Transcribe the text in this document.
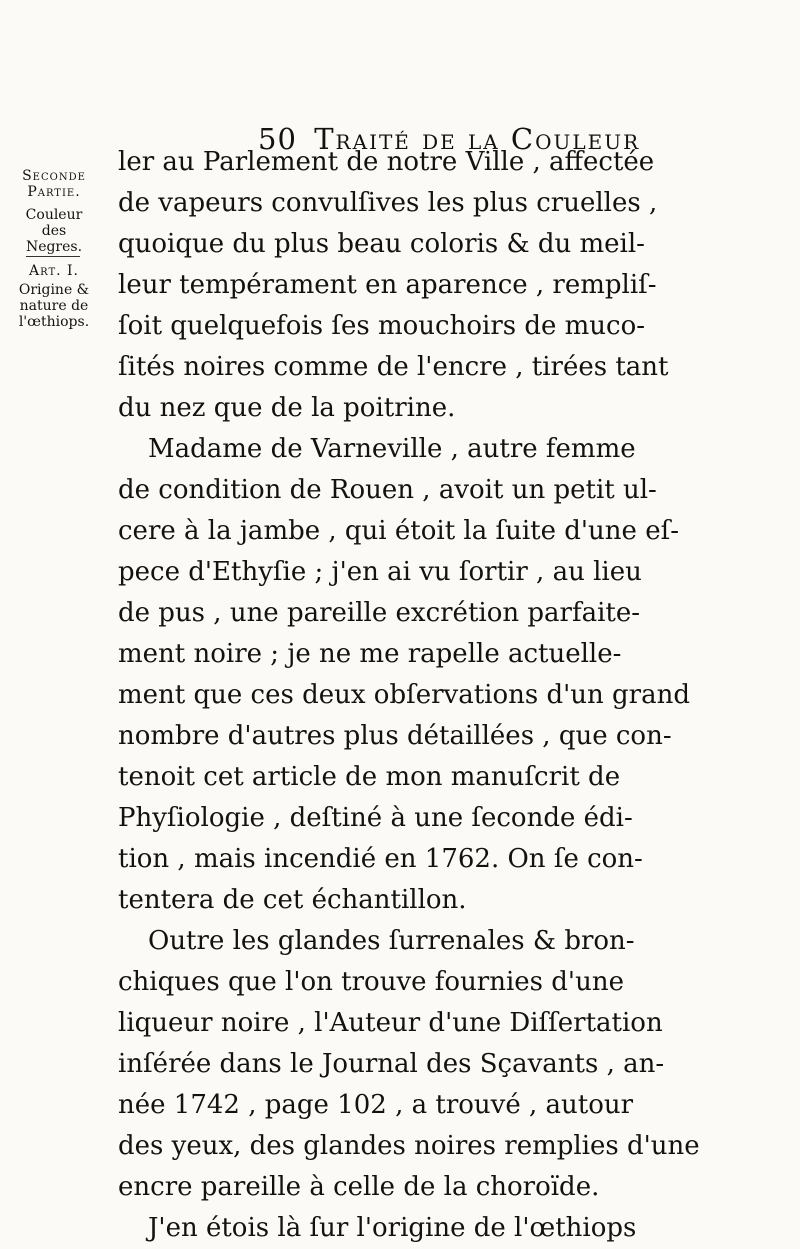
50 Traité de la Couleur
Seconde
Partie.
Couleur
des Negres.
Art. I.
Origine &
nature de
l'œthiops.
ler au Parlement de notre Ville , affectée
de vapeurs convulſives les plus cruelles ,
quoique du plus beau coloris & du meil-
leur tempérament en aparence , rempliſ-
ſoit quelquefois ſes mouchoirs de muco-
ſités noires comme de l'encre , tirées tant
du nez que de la poitrine.
Madame de Varneville , autre femme
de condition de Rouen , avoit un petit ul-
cere à la jambe , qui étoit la ſuite d'une eſ-
pece d'Ethyſie ; j'en ai vu ſortir , au lieu
de pus , une pareille excrétion parfaite-
ment noire ; je ne me rapelle actuelle-
ment que ces deux obſervations d'un grand
nombre d'autres plus détaillées , que con-
tenoit cet article de mon manuſcrit de
Phyſiologie , deſtiné à une ſeconde édi-
tion , mais incendié en 1762. On ſe con-
tentera de cet échantillon.
Outre les glandes ſurrenales & bron-
chiques que l'on trouve fournies d'une
liqueur noire , l'Auteur d'une Diſſertation
inſérée dans le Journal des Sçavants , an-
née 1742 , page 102 , a trouvé , autour
des yeux, des glandes noires remplies d'une
encre pareille à celle de la choroïde.
J'en étois là ſur l'origine de l'œthiops
